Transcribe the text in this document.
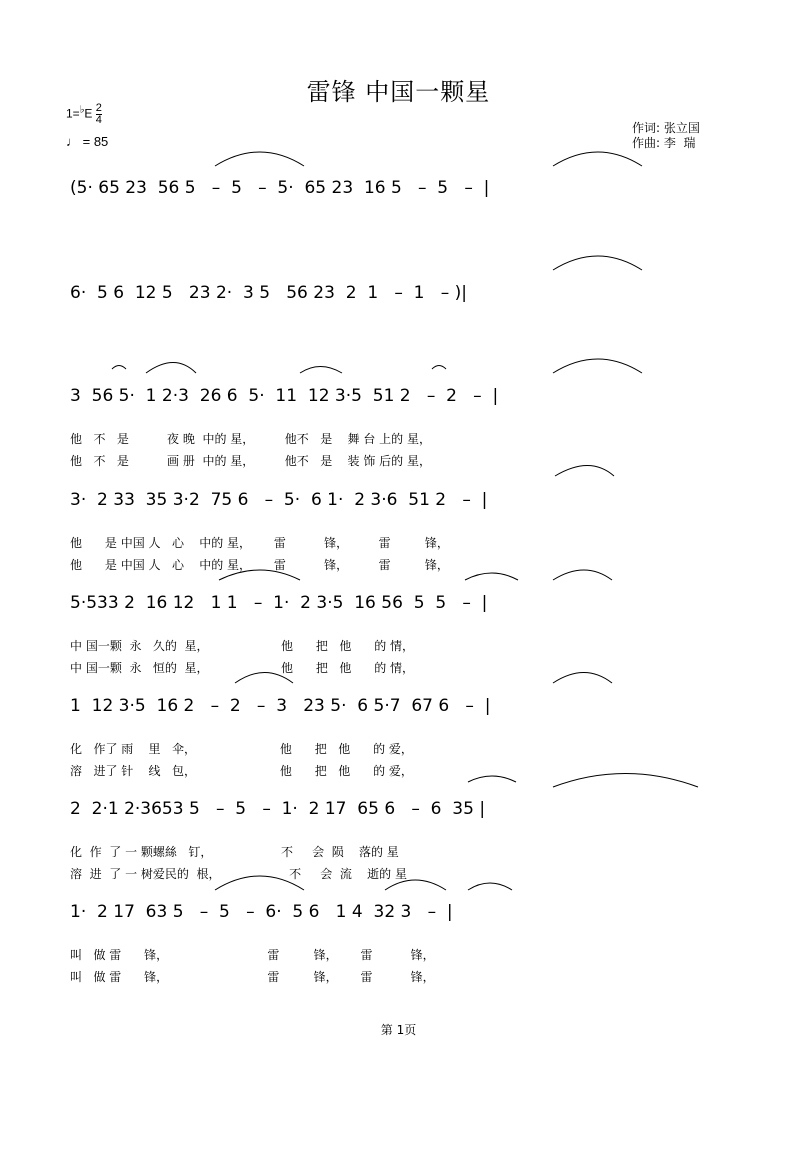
雷锋 中国一颗星
$1=^♭E \frac{2}{4}$
♩ = 85
作词: 张立国
作曲: 李  瑞
(5· 65 23  56 5   –  5   –  5·  65 23  16 5   –  5   –  |
6·  5 6  12 5   23 2·  3 5   56 23  2  1   –  1   – )|
3  56 5·  1 2·3  26 6  5·  11  12 3·5  51 2   –  2   –  |
他   不   是          夜 晚  中的 星，        他不   是    舞 台 上的 星，
他   不   是          画 册  中的 星，        他不   是    装 饰 后的 星，
3·  2 33  35 3·2  75 6   –  5·  6 1·  2 3·6  51 2   –  |
他      是 中国 人   心    中的 星，      雷          锋，        雷         锋，
他      是 中国 人   心    中的 星，      雷          锋，        雷         锋，
5·533 2  16 12   1 1   –  1·  2 3·5  16 56  5  5   –  |
中 国一颗  永   久的  星，                   他      把   他      的 情，
中 国一颗  永   恒的  星，                   他      把   他      的 情，
1  12 3·5  16 2   –  2   –  3   23 5·  6 5·7  67 6   –  |
化   作了 雨    里   伞，                      他      把   他      的 爱，
溶   进了 针    线   包，                      他      把   他      的 爱，
2  2·1 2·3653 5   –  5   –  1·  2 17  65 6   –  6  35 |
化  作  了 一 颗螺絲   钉，                  不     会  陨    落的 星
溶  进  了 一 树爱民的  根，                  不     会  流    逝的 星
1·  2 17  63 5   –  5   –  6·  5 6   1 4  32 3   –  |
叫   做 雷      锋，                          雷         锋，      雷          锋，
叫   做 雷      锋，                          雷         锋，      雷          锋，
第 1页
